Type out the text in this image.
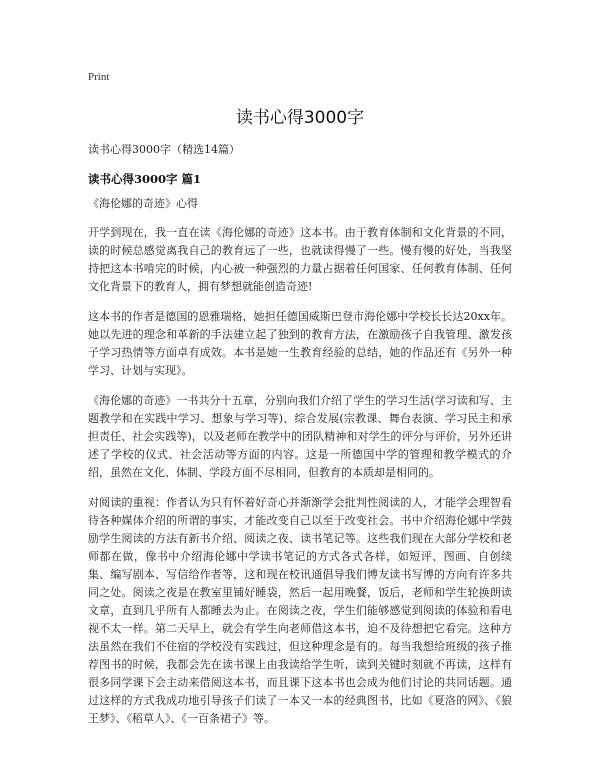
Print

读书心得3000字

读书心得3000字（精选14篇）

读书心得3000字 篇1

《海伦娜的奇迹》心得

开学到现在，我一直在读《海伦娜的奇迹》这本书。由于教育体制和文化背景的不同，读的时候总感觉离我自己的教育远了一些，也就读得慢了一些。慢有慢的好处，当我坚持把这本书啃完的时候，内心被一种强烈的力量占据着任何国家、任何教育体制、任何文化背景下的教育人，拥有梦想就能创造奇迹!

这本书的作者是德国的恩雅瑞格，她担任德国威斯巴登市海伦娜中学校长长达20xx年。她以先进的理念和革新的手法建立起了独到的教育方法，在激励孩子自我管理、激发孩子学习热情等方面卓有成效。本书是她一生教育经验的总结，她的作品还有《另外一种学习、计划与实现》。

《海伦娜的奇迹》一书共分十五章，分别向我们介绍了学生的学习生活(学习读和写、主题教学和在实践中学习、想象与学习等)、综合发展(宗教课、舞台表演、学习民主和承担责任、社会实践等)，以及老师在教学中的团队精神和对学生的评分与评价，另外还讲述了学校的仪式、社会活动等方面的内容。这是一所德国中学的管理和教学模式的介绍，虽然在文化、体制、学段方面不尽相同，但教育的本质却是相同的。

对阅读的重视：作者认为只有怀着好奇心并渐渐学会批判性阅读的人，才能学会理智看待各种媒体介绍的所谓的事实，才能改变自己以至于改变社会。书中介绍海伦娜中学鼓励学生阅读的方法有新书介绍、阅读之夜、读书笔记等。这些我们现在大部分学校和老师都在做，像书中介绍海伦娜中学读书笔记的方式各式各样，如短评、图画、自创续集、编写剧本、写信给作者等，这和现在校讯通倡导我们博友读书写博的方向有许多共同之处。阅读之夜是在教室里铺好睡袋，然后一起用晚餐，饭后，老师和学生轮换朗读文章，直到几乎所有人都睡去为止。在阅读之夜，学生们能够感觉到阅读的体验和看电视不太一样。第二天早上，就会有学生向老师借这本书，迫不及待想把它看完。这种方法虽然在我们不住宿的学校没有实践过，但这种理念是有的。每当我想给班级的孩子推荐图书的时候，我都会先在读书课上由我读给学生听，读到关键时刻就不再读，这样有很多同学课下会主动来借阅这本书，而且课下这本书也会成为他们讨论的共同话题。通过这样的方式我成功地引导孩子们读了一本又一本的经典图书，比如《夏洛的网》、《狼王梦》、《稻草人》、《一百条裙子》等。
